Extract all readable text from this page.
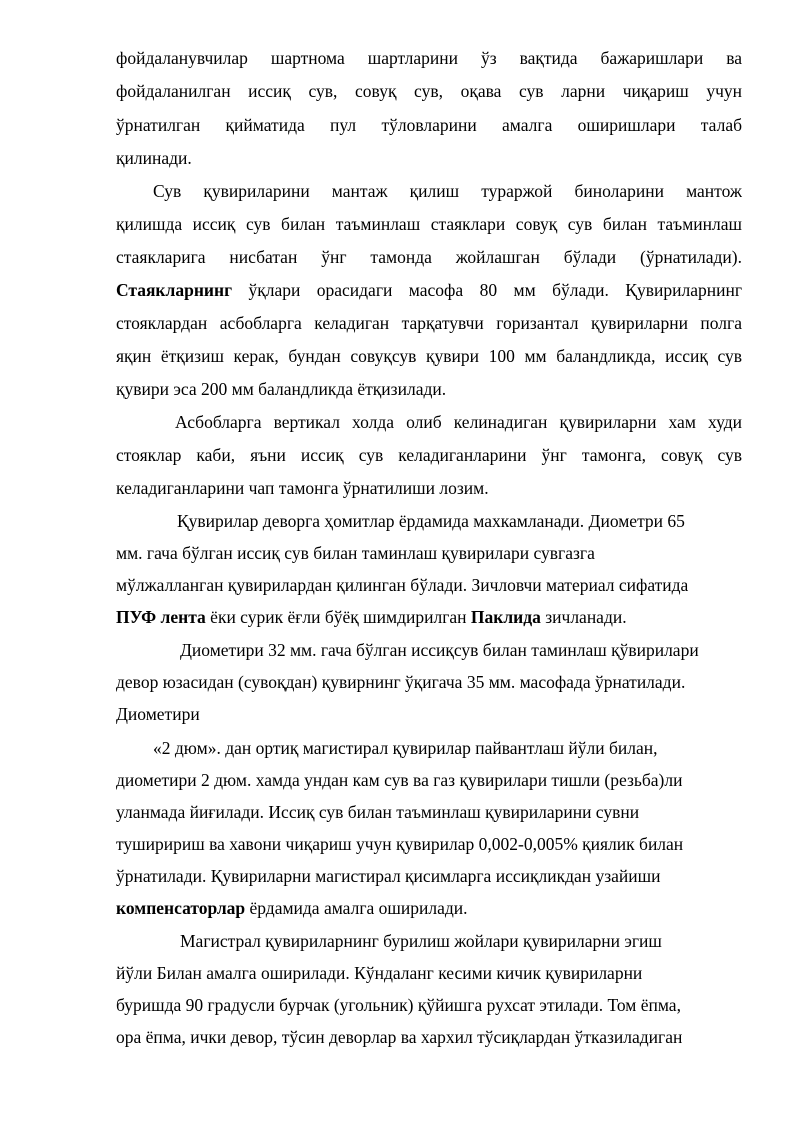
фойдаланувчилар шартнома шартларини ўз вақтида бажаришлари ва
фойдаланилган иссиқ сув, совуқ сув, оқава сув ларни чиқариш учун
ўрнатилган қийматида пул тўловларини амалга оширишлари талаб
қилинади.
Сув қувириларини мантаж қилиш тураржой биноларини мантож
қилишда иссиқ сув билан таъминлаш стаяклари совуқ сув билан таъминлаш
стаякларига нисбатан ўнг тамонда жойлашган бўлади (ўрнатилади).
Стаякларнинг ўқлари орасидаги масофа 80 мм бўлади. Қувириларнинг
стояклардан асбобларга келадиган тарқатувчи горизантал қувириларни полга
яқин ётқизиш керак, бундан совуқсув қувири 100 мм баландликда, иссиқ сув
қувири эса 200 мм баландликда ётқизилади.
Асбобларга вертикал холда олиб келинадиган қувириларни хам худи
стояклар каби, яъни иссиқ сув келадиганларини ўнг тамонга, совуқ сув
келадиганларини чап тамонга ўрнатилиши лозим.
Қувирилар деворга ҳомитлар ёрдамида махкамланади. Диометри 65
мм. гача бўлган иссиқ сув билан таминлаш қувирилари сувгазга
мўлжалланган қувирилардан қилинган бўлади. Зичловчи материал сифатида
ПУФ лента ёки сурик ёғли бўёқ шимдирилган Паклида зичланади.
Диометири 32 мм. гача бўлган иссиқсув билан таминлаш қўвирилари
девор юзасидан (сувоқдан) қувирнинг ўқигача 35 мм. масофада ўрнатилади.
Диометири
«2 дюм». дан ортиқ магистирал қувирилар пайвантлаш йўли билан,
диометири 2 дюм. хамда ундан кам сув ва газ қувирилари тишли (резьба)ли
уланмада йиғилади. Иссиқ сув билан таъминлаш қувириларини сувни
туширириш ва хавони чиқариш учун қувирилар 0,002-0,005% қиялик билан
ўрнатилади. Қувириларни магистирал қисимларга иссиқликдан узайиши
компенсаторлар ёрдамида амалга оширилади.
Магистрал қувириларнинг бурилиш жойлари қувириларни эгиш
йўли Билан амалга оширилади. Кўндаланг кесими кичик қувириларни
буришда 90 градусли бурчак (угольник) қўйишга рухсат этилади. Том ёпма,
ора ёпма, ички девор, тўсин деворлар ва хархил тўсиқлардан ўтказиладиган
